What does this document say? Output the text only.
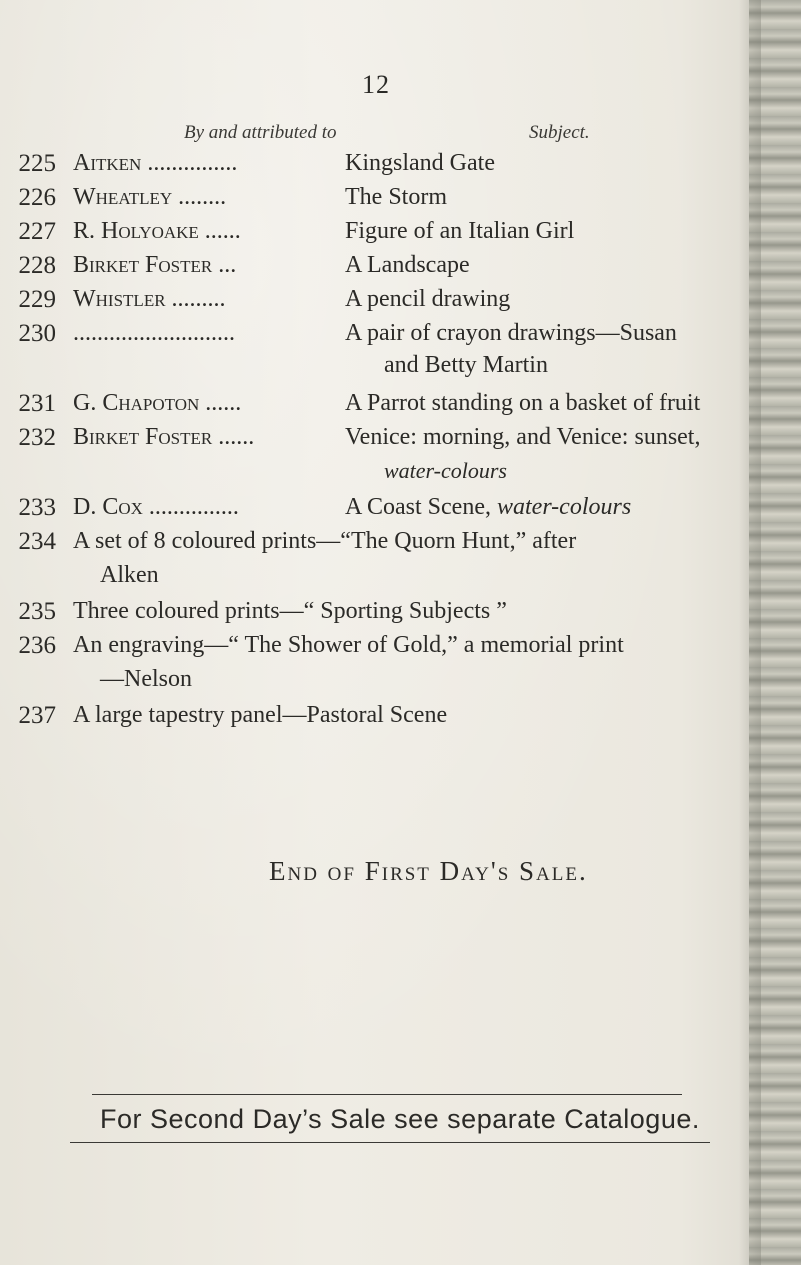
12
By and attributed to	Subject.
225 Aitken ...............	Kingsland Gate
226 Wheatley ........	The Storm
227 R. Holyoake ......	Figure of an Italian Girl
228 Birket Foster ...	A Landscape
229 Whistler .........	A pencil drawing
230 ...........................	A pair of crayon drawings—Susan
and Betty Martin
231 G. Chapoton ......	A Parrot standing on a basket of fruit
232 Birket Foster ......	Venice: morning, and Venice: sunset,
water-colours
233 D. Cox ...............	A Coast Scene, water-colours
234 A set of 8 coloured prints—“The Quorn Hunt,” after
Alken
235 Three coloured prints—“ Sporting Subjects ”
236 An engraving—“ The Shower of Gold,” a memorial print
—Nelson
237 A large tapestry panel—Pastoral Scene
End of First Day's Sale.
For Second Day’s Sale see separate Catalogue.
